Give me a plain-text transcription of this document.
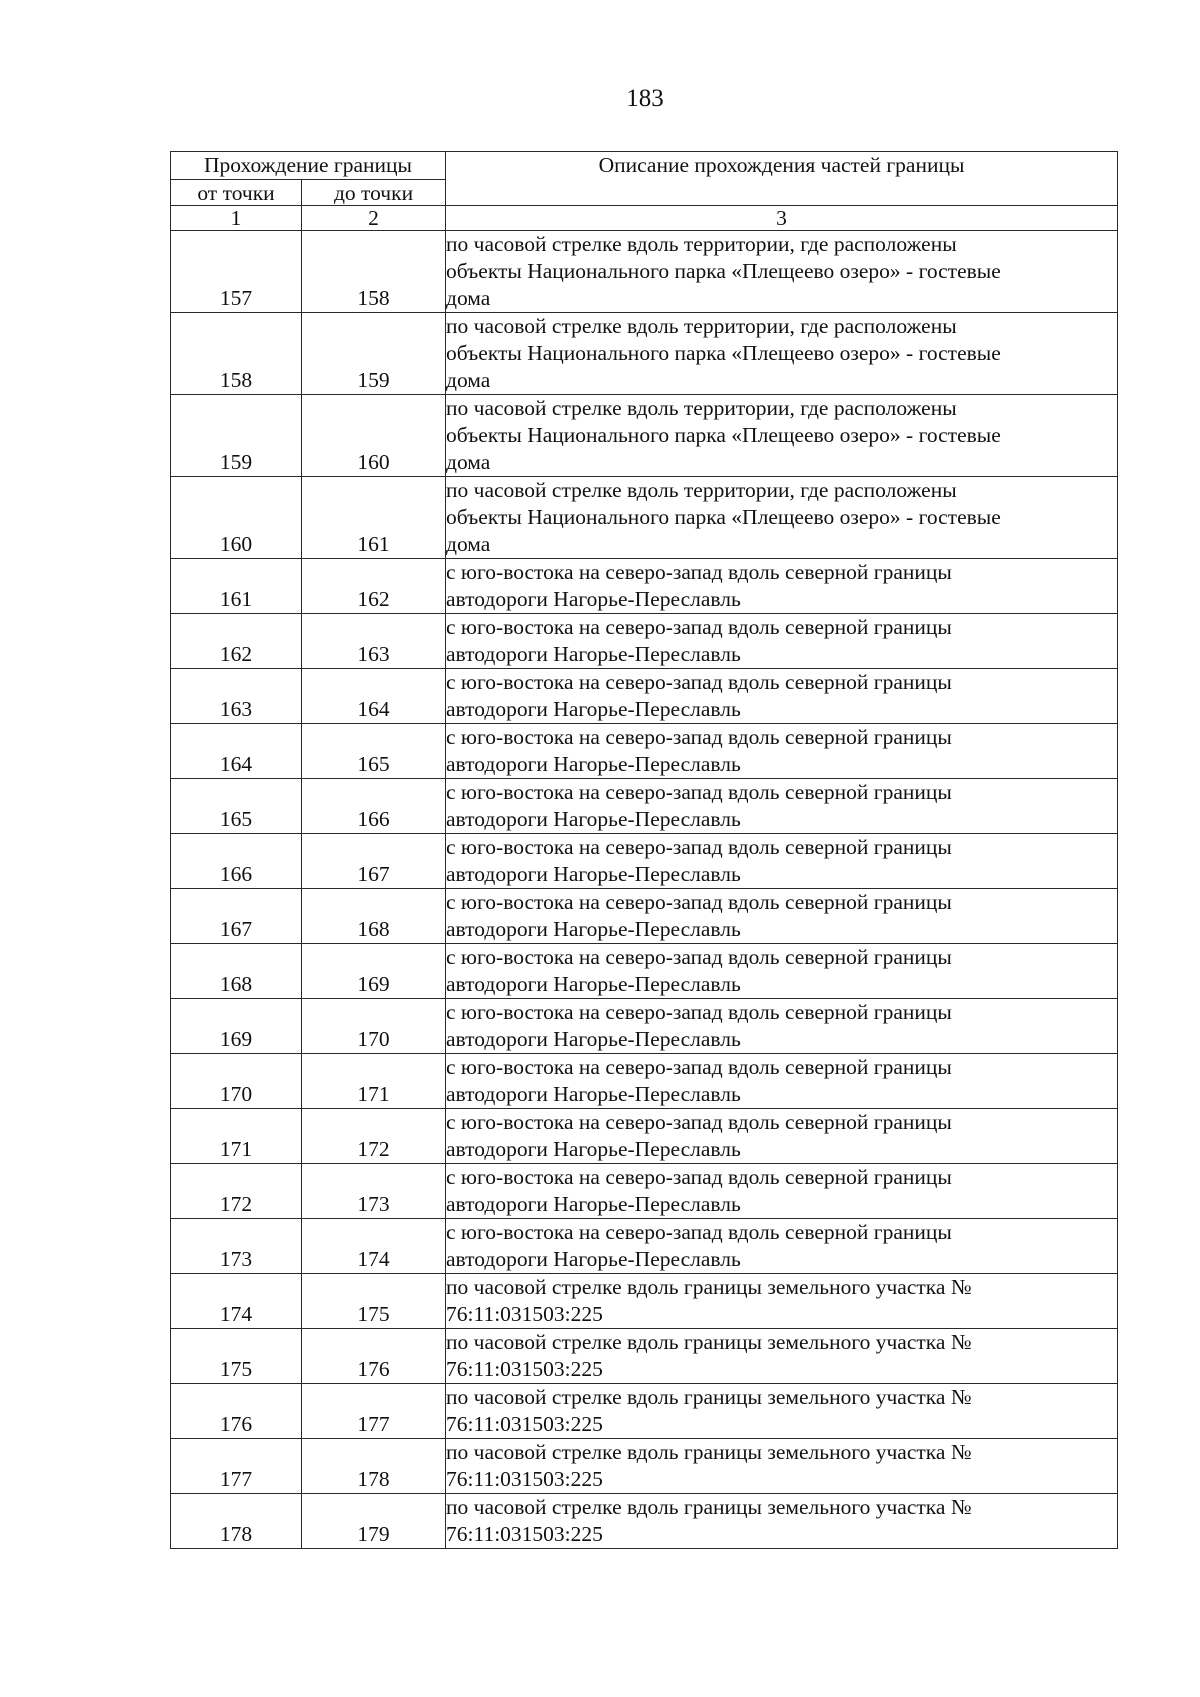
183
Прохождение границы		Описание прохождения частей границы
от точки	до точки	
1	2	3
157	158	по часовой стрелке вдоль территории, где расположены
объекты Национального парка «Плещеево озеро» - гостевые
дома

158	159	по часовой стрелке вдоль территории, где расположены
объекты Национального парка «Плещеево озеро» - гостевые
дома

159	160	по часовой стрелке вдоль территории, где расположены
объекты Национального парка «Плещеево озеро» - гостевые
дома

160	161	по часовой стрелке вдоль территории, где расположены
объекты Национального парка «Плещеево озеро» - гостевые
дома

161	162	с юго-востока на северо-запад вдоль северной границы
автодороги Нагорье-Переславль

162	163	с юго-востока на северо-запад вдоль северной границы
автодороги Нагорье-Переславль

163	164	с юго-востока на северо-запад вдоль северной границы
автодороги Нагорье-Переславль

164	165	с юго-востока на северо-запад вдоль северной границы
автодороги Нагорье-Переславль

165	166	с юго-востока на северо-запад вдоль северной границы
автодороги Нагорье-Переславль

166	167	с юго-востока на северо-запад вдоль северной границы
автодороги Нагорье-Переславль

167	168	с юго-востока на северо-запад вдоль северной границы
автодороги Нагорье-Переславль

168	169	с юго-востока на северо-запад вдоль северной границы
автодороги Нагорье-Переславль

169	170	с юго-востока на северо-запад вдоль северной границы
автодороги Нагорье-Переславль

170	171	с юго-востока на северо-запад вдоль северной границы
автодороги Нагорье-Переславль

171	172	с юго-востока на северо-запад вдоль северной границы
автодороги Нагорье-Переславль

172	173	с юго-востока на северо-запад вдоль северной границы
автодороги Нагорье-Переславль

173	174	с юго-востока на северо-запад вдоль северной границы
автодороги Нагорье-Переславль

174	175	по часовой стрелке вдоль границы земельного участка №
76:11:031503:225

175	176	по часовой стрелке вдоль границы земельного участка №
76:11:031503:225

176	177	по часовой стрелке вдоль границы земельного участка №
76:11:031503:225

177	178	по часовой стрелке вдоль границы земельного участка №
76:11:031503:225

178	179	по часовой стрелке вдоль границы земельного участка №
76:11:031503:225
